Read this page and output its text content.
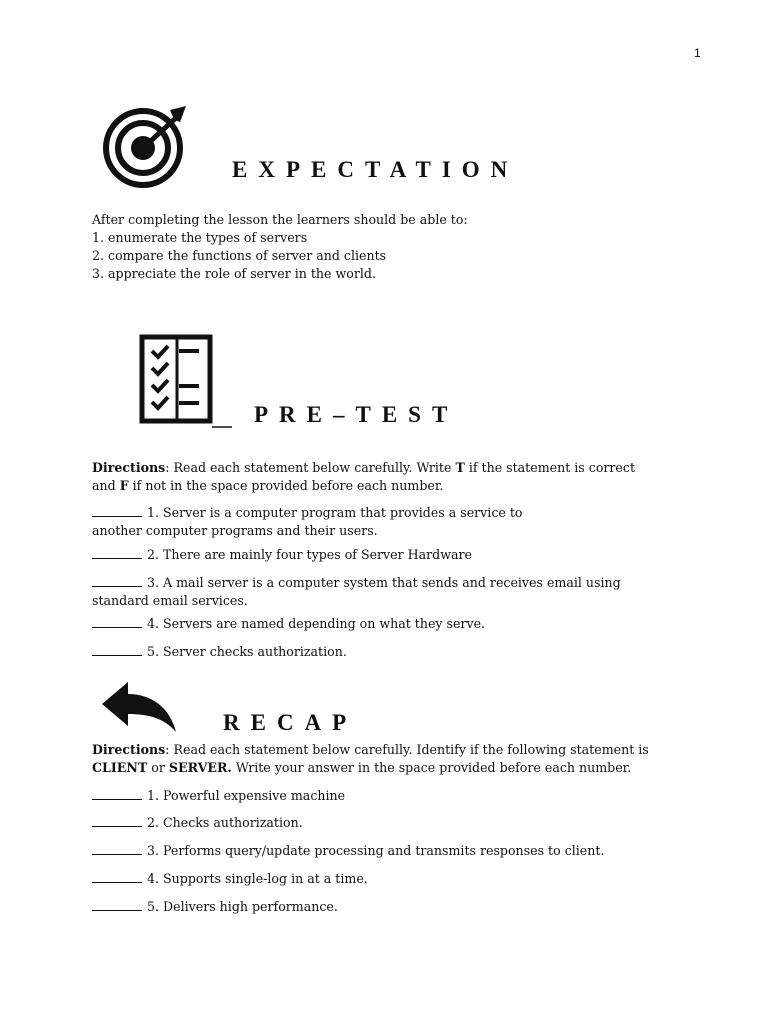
1
EXPECTATION
After completing the lesson the learners should be able to:
1. enumerate the types of servers
2. compare the functions of server and clients
3. appreciate the role of server in the world.
PRE–TEST
Directions: Read each statement below carefully. Write T if the statement is correct
and F if not in the space provided before each number.
1. Server is a computer program that provides a service to
another computer programs and their users.
2. There are mainly four types of Server Hardware
3. A mail server is a computer system that sends and receives email using
standard email services.
4. Servers are named depending on what they serve.
5. Server checks authorization.
RECAP
Directions: Read each statement below carefully. Identify if the following statement is
CLIENT or SERVER. Write your answer in the space provided before each number.
1. Powerful expensive machine
2. Checks authorization.
3. Performs query/update processing and transmits responses to client.
4. Supports single-log in at a time.
5. Delivers high performance.
